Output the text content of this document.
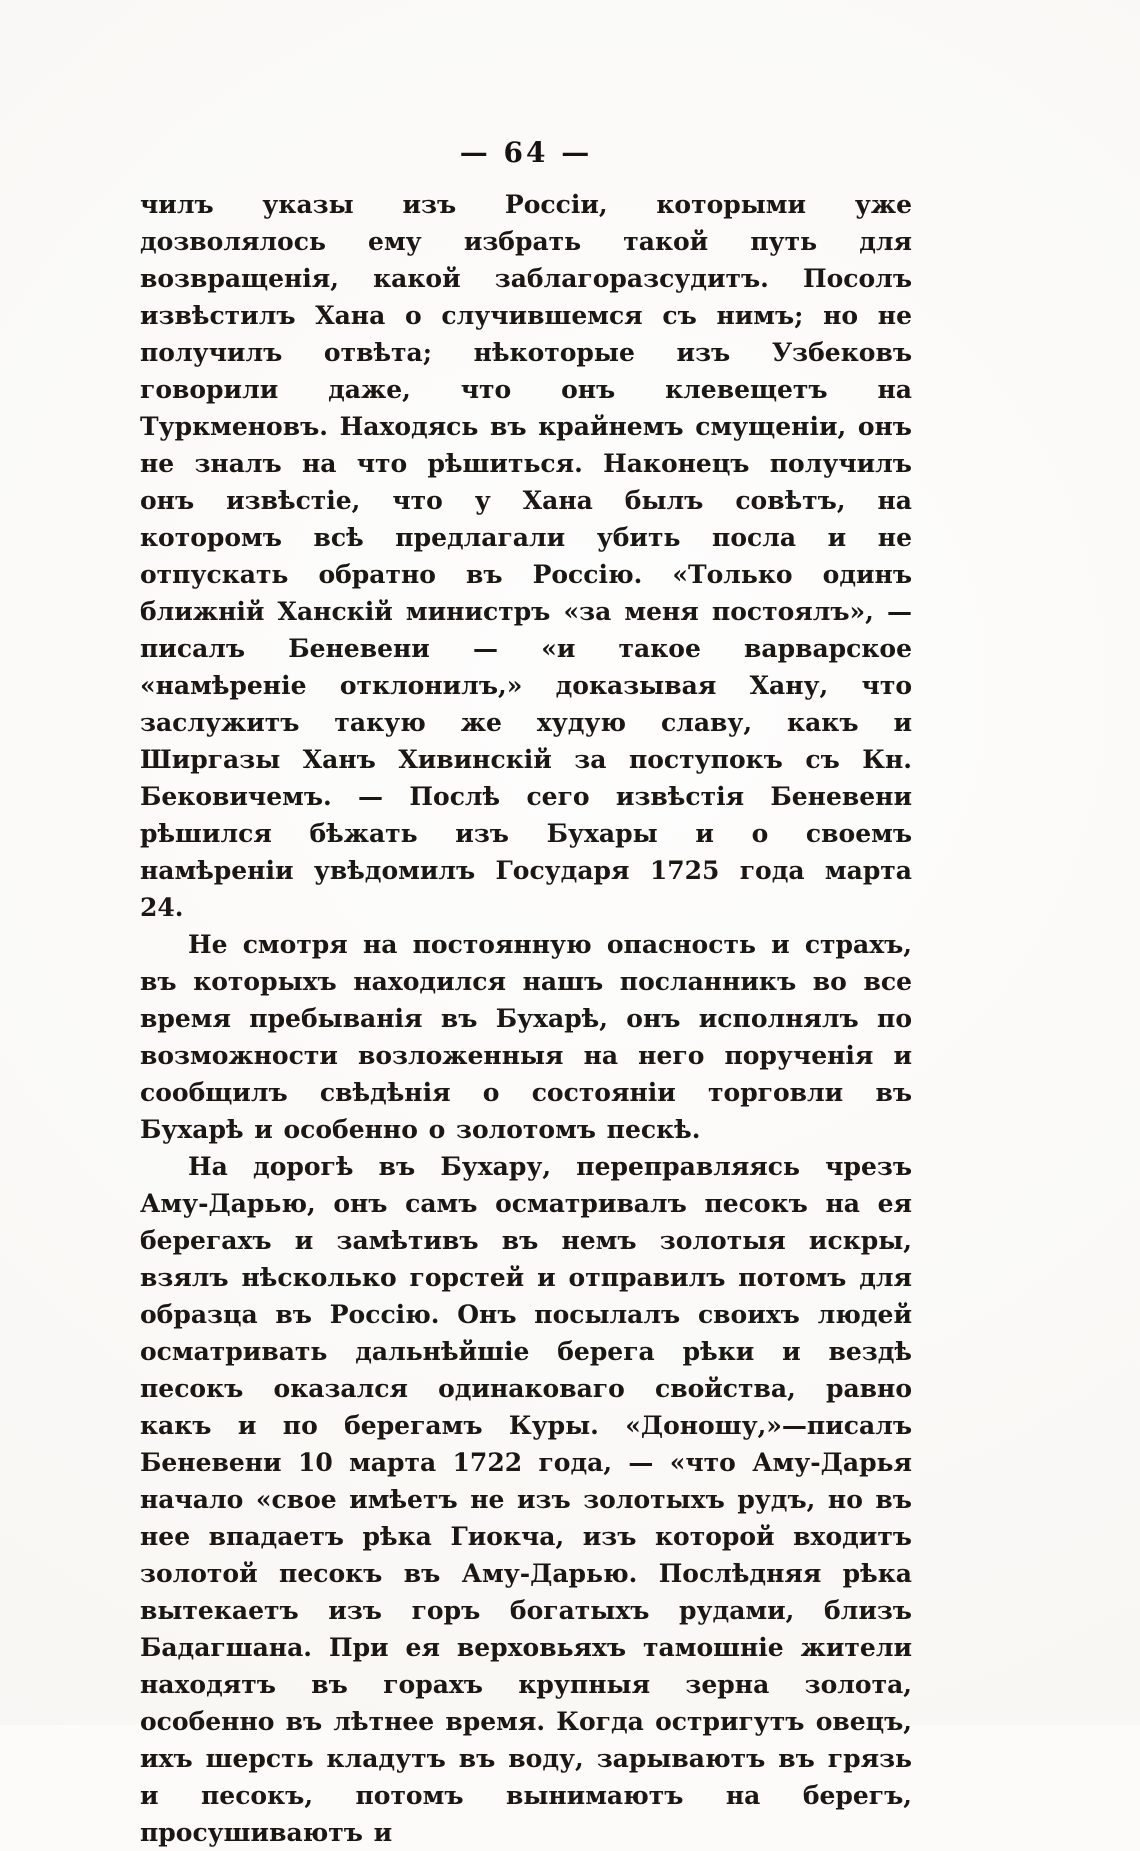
— 64 —

чилъ указы изъ Россіи, которыми уже дозволялось ему избрать такой путь для возвращенія, какой заблагоразсудитъ. Посолъ извѣстилъ Хана о случившемся съ нимъ; но не получилъ отвѣта; нѣкоторые изъ Узбековъ говорили даже, что онъ клевещетъ на Туркменовъ. Находясь въ крайнемъ смущеніи, онъ не зналъ на что рѣшиться. Наконецъ получилъ онъ извѣстіе, что у Хана былъ совѣтъ, на которомъ всѣ предлагали убить посла и не отпускать обратно въ Россію. «Только одинъ ближній Ханскій министръ «за меня постоялъ», — писалъ Беневени — «и такое варварское «намѣреніе отклонилъ,» доказывая Хану, что заслужитъ такую же худую славу, какъ и Ширгазы Ханъ Хивинскій за поступокъ съ Кн. Бековичемъ. — Послѣ сего извѣстія Беневени рѣшился бѣжать изъ Бухары и о своемъ намѣреніи увѣдомилъ Государя 1725 года марта 24.

Не смотря на постоянную опасность и страхъ, въ которыхъ находился нашъ посланникъ во все время пребыванія въ Бухарѣ, онъ исполнялъ по возможности возложенныя на него порученія и сообщилъ свѣдѣнія о состояніи торговли въ Бухарѣ и особенно о золотомъ пескѣ.

На дорогѣ въ Бухару, переправляясь чрезъ Аму-Дарью, онъ самъ осматривалъ песокъ на ея берегахъ и замѣтивъ въ немъ золотыя искры, взялъ нѣсколько горстей и отправилъ потомъ для образца въ Россію. Онъ посылалъ своихъ людей осматривать дальнѣйшіе берега рѣки и вездѣ песокъ оказался одинаковаго свойства, равно какъ и по берегамъ Куры. «Доношу,»—писалъ Беневени 10 марта 1722 года, — «что Аму-Дарья начало «свое имѣетъ не изъ золотыхъ рудъ, но въ нее впадаетъ рѣка Гиокча, изъ которой входитъ золотой песокъ въ Аму-Дарью. Послѣдняя рѣка вытекаетъ изъ горъ богатыхъ рудами, близъ Бадагшана. При ея верховьяхъ тамошніе жители находятъ въ горахъ крупныя зерна золота, особенно въ лѣтнее время. Когда остригутъ овецъ, ихъ шерсть кладутъ въ воду, зарываютъ въ грязь и песокъ, потомъ вынимаютъ на берегъ, просушиваютъ и
